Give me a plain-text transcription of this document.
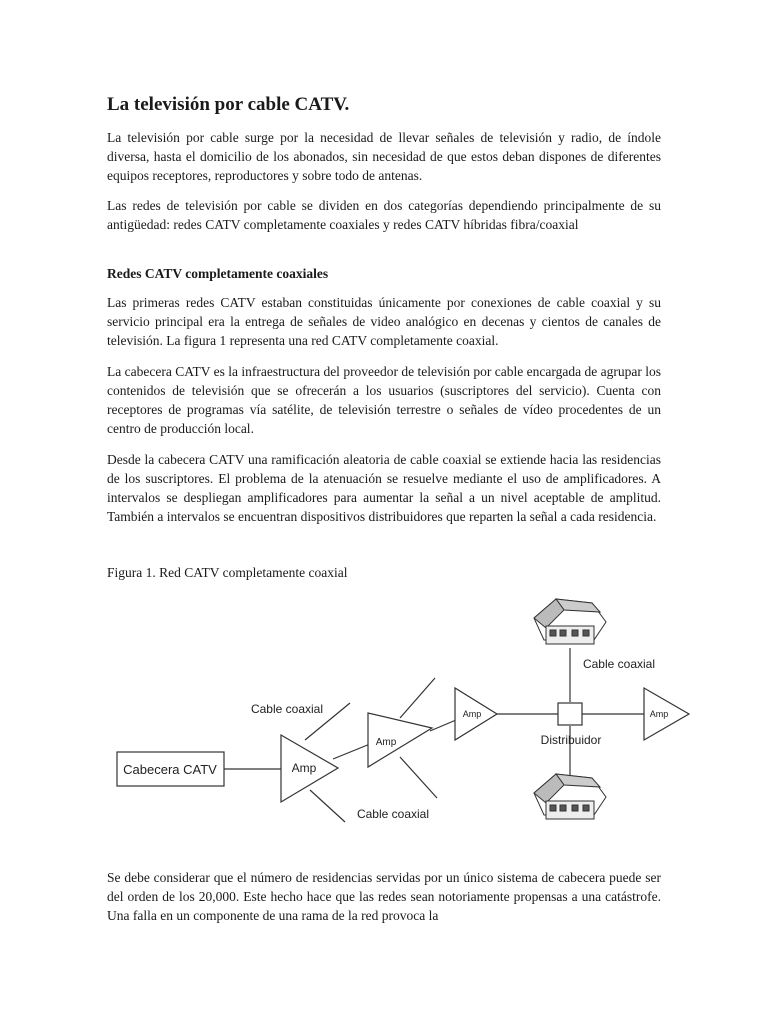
La televisión por cable CATV.

La televisión por cable surge por la necesidad de llevar señales de televisión y radio, de índole diversa, hasta el domicilio de los abonados, sin necesidad de que estos deban dispones de diferentes equipos receptores, reproductores y sobre todo de antenas.

Las redes de televisión por cable se dividen en dos categorías dependiendo principalmente de su antigüedad: redes CATV completamente coaxiales y redes CATV híbridas fibra/coaxial

Redes CATV completamente coaxiales

Las primeras redes CATV estaban constituidas únicamente por conexiones de cable coaxial y su servicio principal era la entrega de señales de video analógico en decenas y cientos de canales de televisión. La figura 1 representa una red CATV completamente coaxial.

La cabecera CATV es la infraestructura del proveedor de televisión por cable encargada de agrupar los contenidos de televisión que se ofrecerán a los usuarios (suscriptores del servicio). Cuenta con receptores de programas vía satélite, de televisión terrestre o señales de vídeo procedentes de un centro de producción local.

Desde la cabecera CATV una ramificación aleatoria de cable coaxial se extiende hacia las residencias de los suscriptores. El problema de la atenuación se resuelve mediante el uso de amplificadores. A intervalos se despliegan amplificadores para aumentar la señal a un nivel aceptable de amplitud. También a intervalos se encuentran dispositivos distribuidores que reparten la señal a cada residencia.

Figura 1. Red CATV completamente coaxial

Se debe considerar que el número de residencias servidas por un único sistema de cabecera puede ser del orden de los 20,000. Este hecho hace que las redes sean notoriamente propensas a una catástrofe. Una falla en un componente de una rama de la red provoca la

Cabecera CATV	Amp
Amp
Amp	Amp
Distribuidor
Cable coaxial
Cable coaxial
Cable coaxial
